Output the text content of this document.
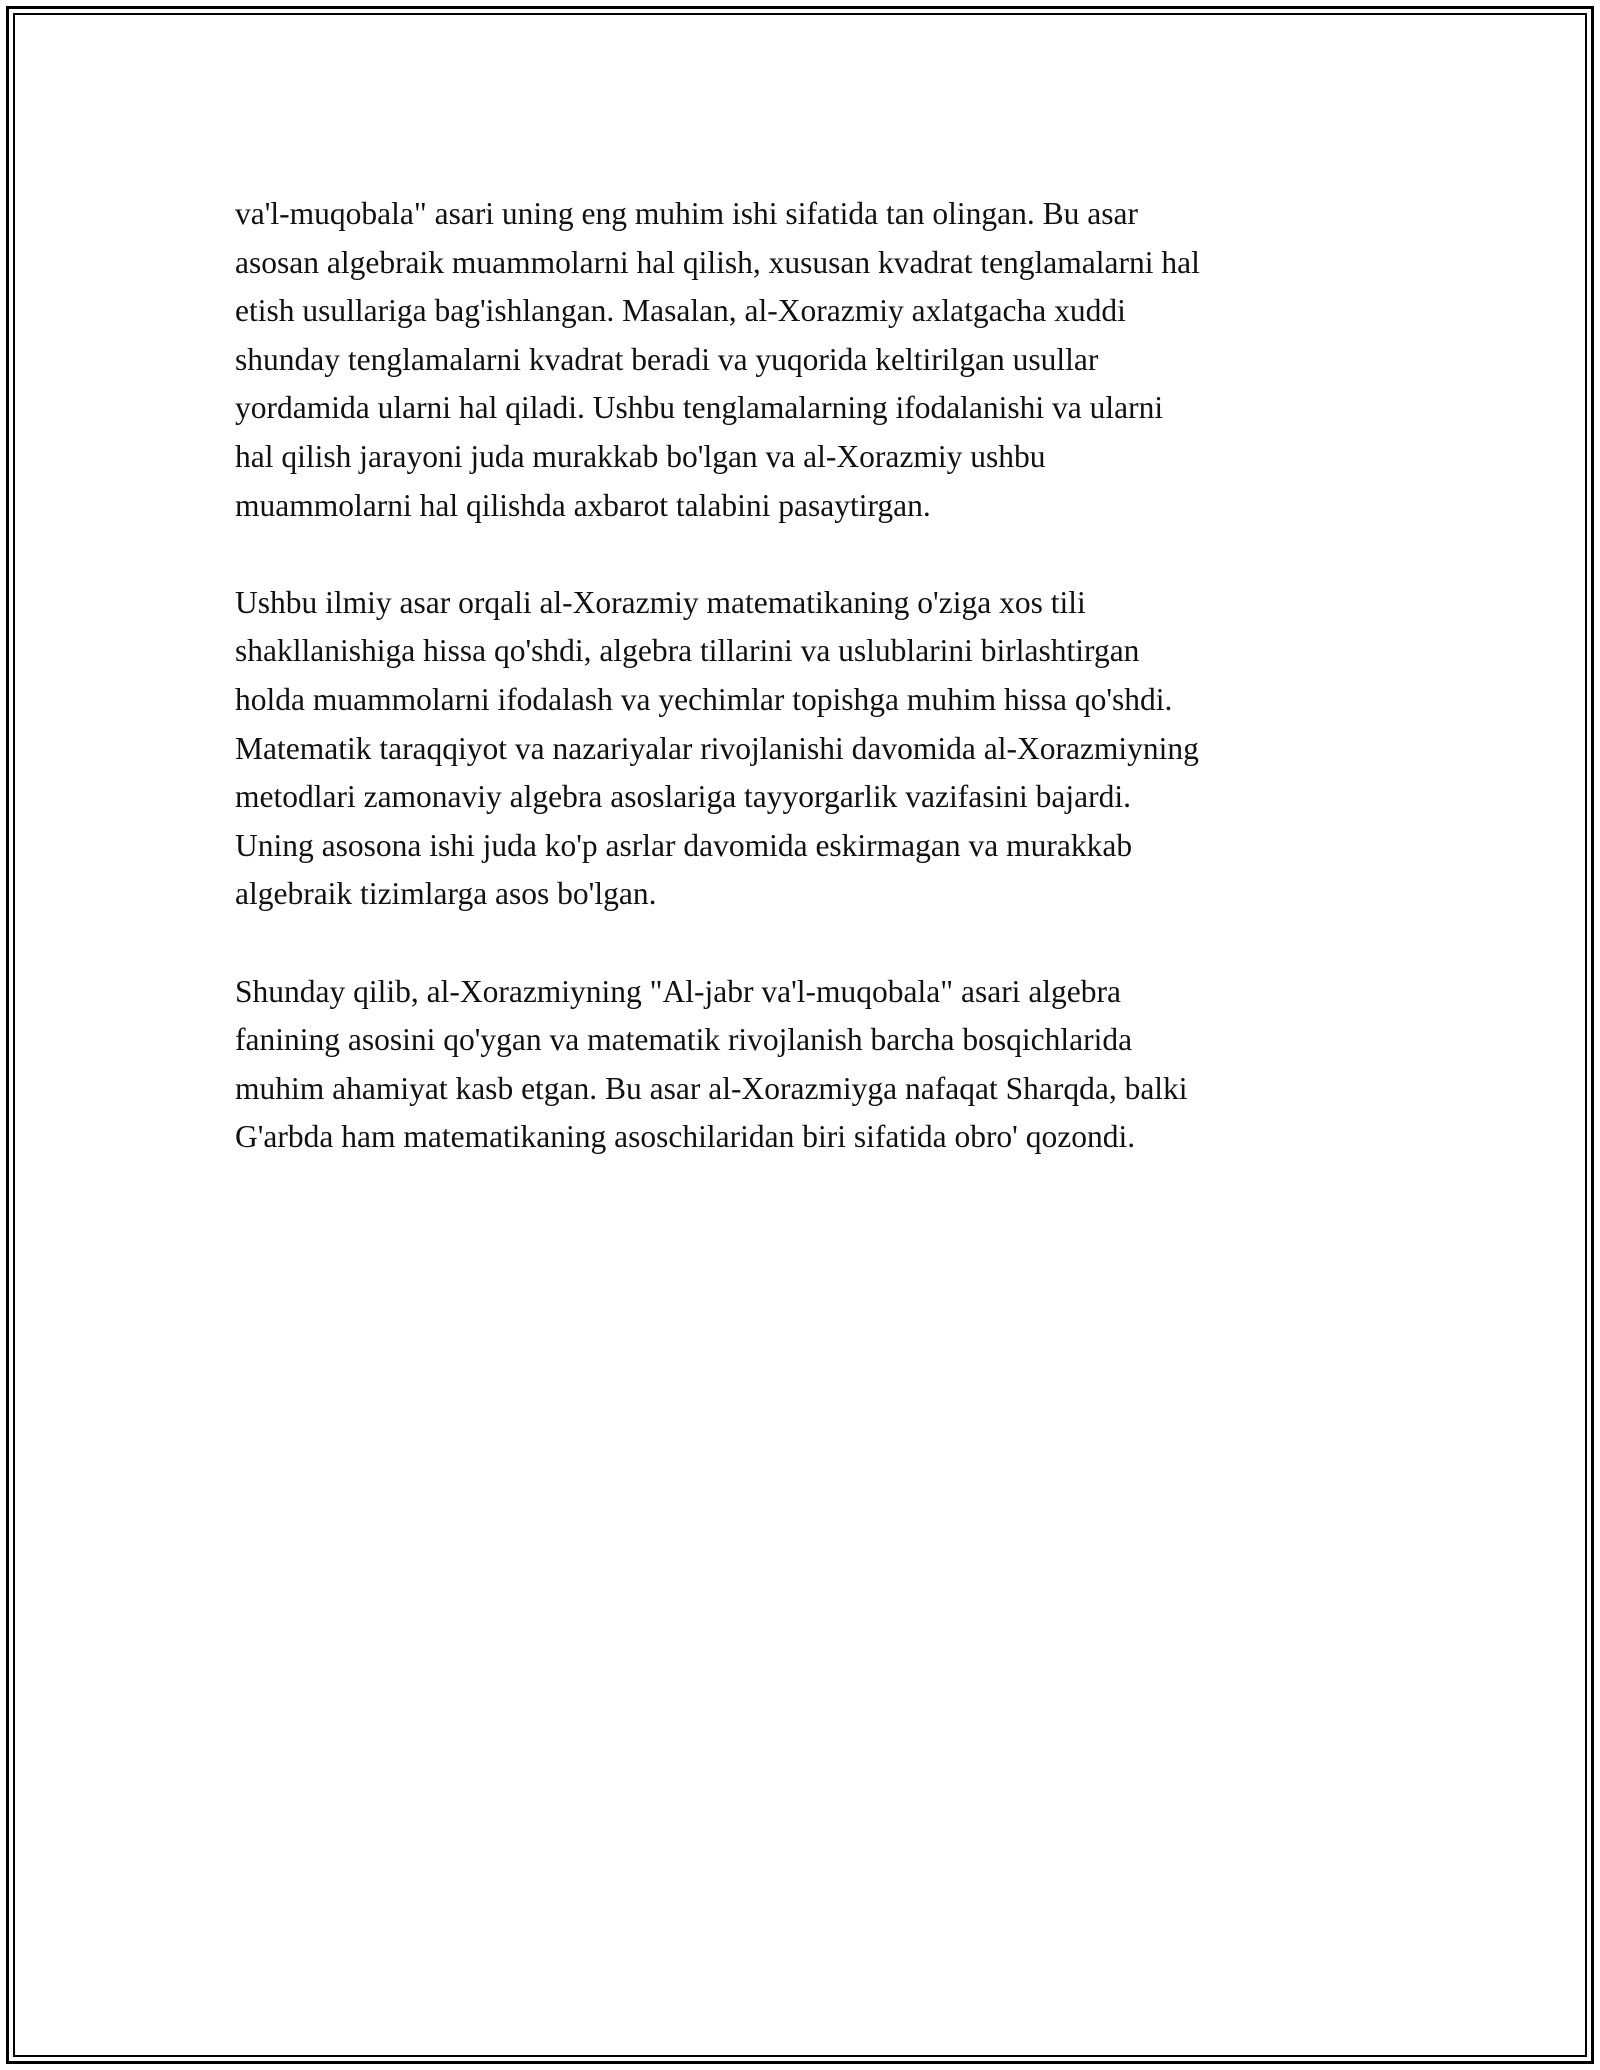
va'l-muqobala" asari uning eng muhim ishi sifatida tan olingan. Bu asar
asosan algebraik muammolarni hal qilish, xususan kvadrat tenglamalarni hal
etish usullariga bag'ishlangan. Masalan, al-Xorazmiy axlatgacha xuddi
shunday tenglamalarni kvadrat beradi va yuqorida keltirilgan usullar
yordamida ularni hal qiladi. Ushbu tenglamalarning ifodalanishi va ularni
hal qilish jarayoni juda murakkab bo'lgan va al-Xorazmiy ushbu
muammolarni hal qilishda axbarot talabini pasaytirgan.

Ushbu ilmiy asar orqali al-Xorazmiy matematikaning o'ziga xos tili
shakllanishiga hissa qo'shdi, algebra tillarini va uslublarini birlashtirgan
holda muammolarni ifodalash va yechimlar topishga muhim hissa qo'shdi.
Matematik taraqqiyot va nazariyalar rivojlanishi davomida al-Xorazmiyning
metodlari zamonaviy algebra asoslariga tayyorgarlik vazifasini bajardi.
Uning asosona ishi juda ko'p asrlar davomida eskirmagan va murakkab
algebraik tizimlarga asos bo'lgan.

Shunday qilib, al-Xorazmiyning "Al-jabr va'l-muqobala" asari algebra
fanining asosini qo'ygan va matematik rivojlanish barcha bosqichlarida
muhim ahamiyat kasb etgan. Bu asar al-Xorazmiyga nafaqat Sharqda, balki
G'arbda ham matematikaning asoschilaridan biri sifatida obro' qozondi.
